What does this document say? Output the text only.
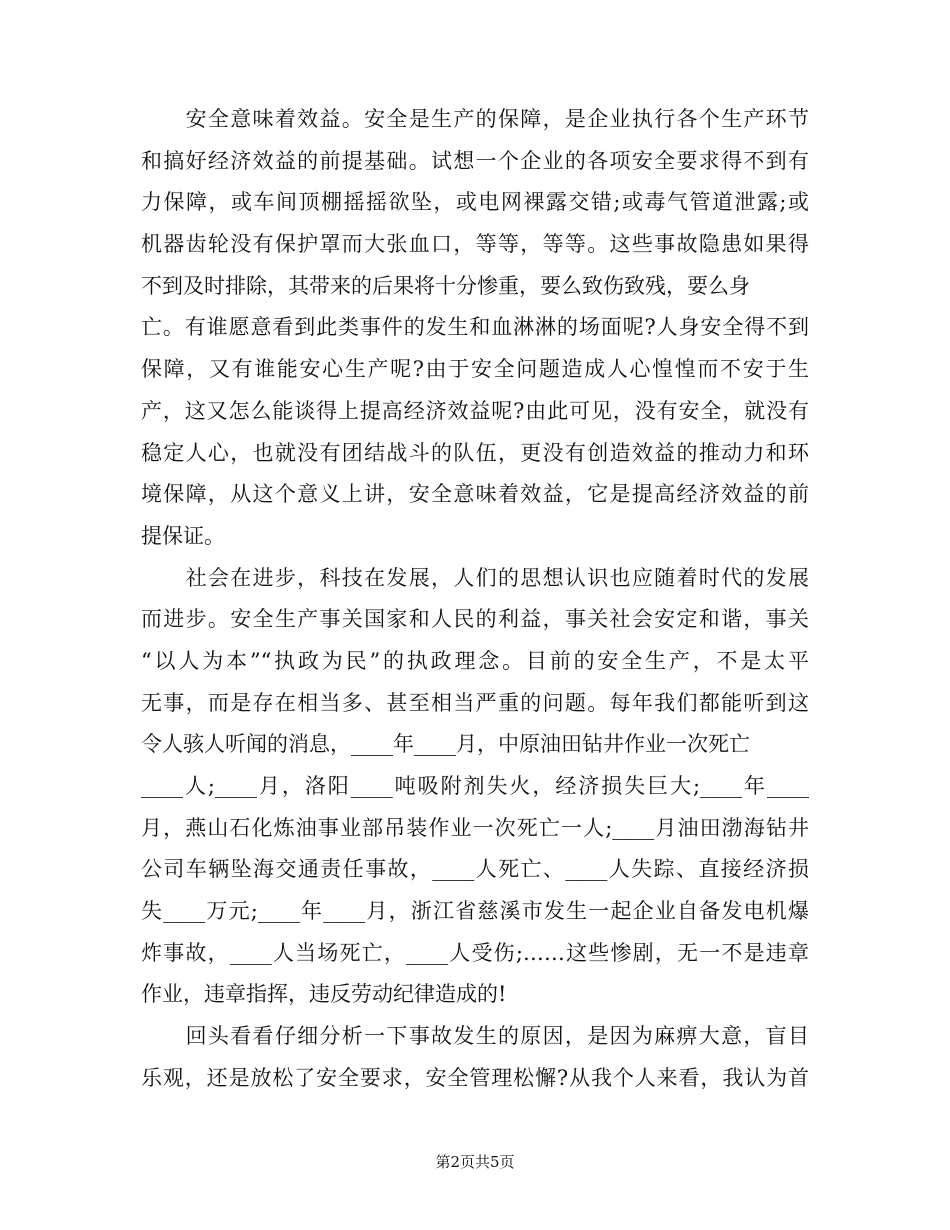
　　安全意味着效益。安全是生产的保障，是企业执行各个生产环节
和搞好经济效益的前提基础。试想一个企业的各项安全要求得不到有
力保障，或车间顶棚摇摇欲坠，或电网裸露交错;或毒气管道泄露;或
机器齿轮没有保护罩而大张血口，等等，等等。这些事故隐患如果得
不到及时排除，其带来的后果将十分惨重，要么致伤致残，要么身
亡。有谁愿意看到此类事件的发生和血淋淋的场面呢?人身安全得不到
保障，又有谁能安心生产呢?由于安全问题造成人心惶惶而不安于生
产，这又怎么能谈得上提高经济效益呢?由此可见，没有安全，就没有
稳定人心，也就没有团结战斗的队伍，更没有创造效益的推动力和环
境保障，从这个意义上讲，安全意味着效益，它是提高经济效益的前
提保证。
　　社会在进步，科技在发展，人们的思想认识也应随着时代的发展
而进步。安全生产事关国家和人民的利益，事关社会安定和谐，事关
“以人为本”“执政为民”的执政理念。目前的安全生产，不是太平
无事，而是存在相当多、甚至相当严重的问题。每年我们都能听到这
令人骇人听闻的消息，____年____月，中原油田钻井作业一次死亡
____人;____月，洛阳____吨吸附剂失火，经济损失巨大;____年____
月，燕山石化炼油事业部吊装作业一次死亡一人;____月油田渤海钻井
公司车辆坠海交通责任事故，____人死亡、____人失踪、直接经济损
失____万元;____年____月，浙江省慈溪市发生一起企业自备发电机爆
炸事故，____人当场死亡，____人受伤;……这些惨剧，无一不是违章
作业，违章指挥，违反劳动纪律造成的!
　　回头看看仔细分析一下事故发生的原因，是因为麻痹大意，盲目
乐观，还是放松了安全要求，安全管理松懈?从我个人来看，我认为首
第2页共5页
